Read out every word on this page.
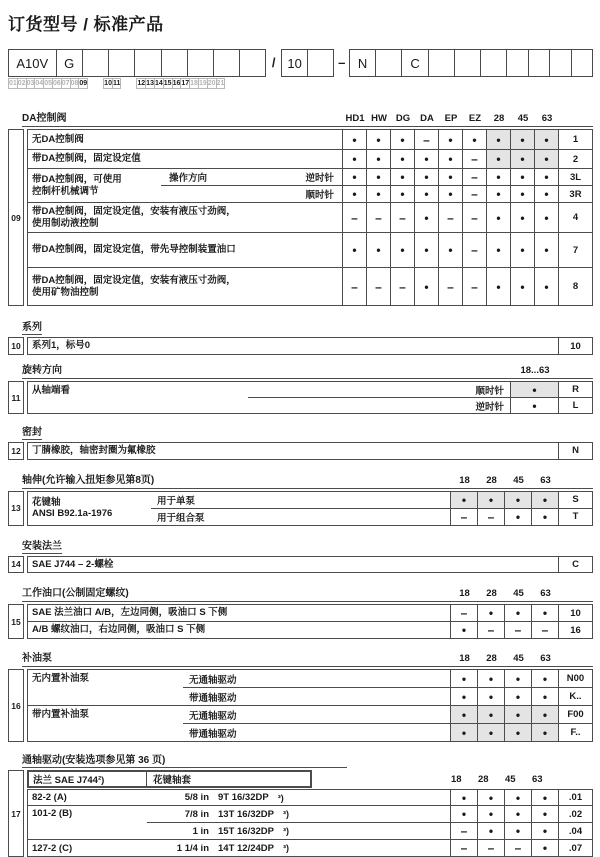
订货型号 / 标准产品
A10V	G	/ 10	– N	C
01 02 03 04 05 06 07 08 09 10 11 12 13 14 15 16 17 18 19 20 21
DA控制阀	HD1 HW DG	DA	EP	EZ	28	45	63
09
无DA控制阀	•	•	•	–	•	•	•	•	•	1
带DA控制阀，固定设定值	•	•	•	•	•	–	•	•	•	2
带DA控制阀，可使用
控制杆机械调节
操作方向	逆时针	•	•	•	•	•	–	•	•	•	3L
顺时针	•	•	•	•	•	–	•	•	•	3R
带DA控制阀，固定设定值，安装有液压寸劲阀，
使用制动液控制	–	–	–	•	–	–	•	•	•	4
带DA控制阀，固定设定值，带先导控制装置油口	•	•	•	•	•	–	•	•	•	7
带DA控制阀，固定设定值，安装有液压寸劲阀，
使用矿物油控制	–	–	–	•	–	–	•	•	•	8
系列
10	系列1，标号0	10
旋转方向	18...63
11
从轴端看	顺时针	•	R
逆时针	•	L
密封
12	丁腈橡胶，轴密封圈为氟橡胶	N
轴伸(允许输入扭矩参见第8页)	18	28	45	63
13
花键轴
ANSI B92.1a-1976
用于单泵	•	•	•	•	S
用于组合泵	–	–	•	•	T
安装法兰
14	SAE J744 – 2-螺栓	C
工作油口(公制固定螺纹)	18	28	45	63
15
SAE 法兰油口 A/B，左边同侧，吸油口 S 下侧	–	•	•	•	10
A/B 螺纹油口，右边同侧，吸油口 S 下侧	•	–	–	–	16
补油泵	18	28	45	63
16
无内置补油泵	无通轴驱动	•	•	•	•	N00
带通轴驱动	•	•	•	•	K..
带内置补油泵	无通轴驱动	•	•	•	•	F00
带通轴驱动	•	•	•	•	F..
通轴驱动(安装选项参见第 36 页)
17
法兰 SAE J744²)	花键轴套	18	28	45	63
82-2 (A)	5/8 in 9T 16/32DP ³)	•	•	•	•	.01
101-2 (B)	7/8 in 13T 16/32DP ³)	•	•	•	•	.02
1 in 15T 16/32DP ³)	–	•	•	•	.04
127-2 (C)	1 1/4 in 14T 12/24DP ³)	–	–	–	•	.07
